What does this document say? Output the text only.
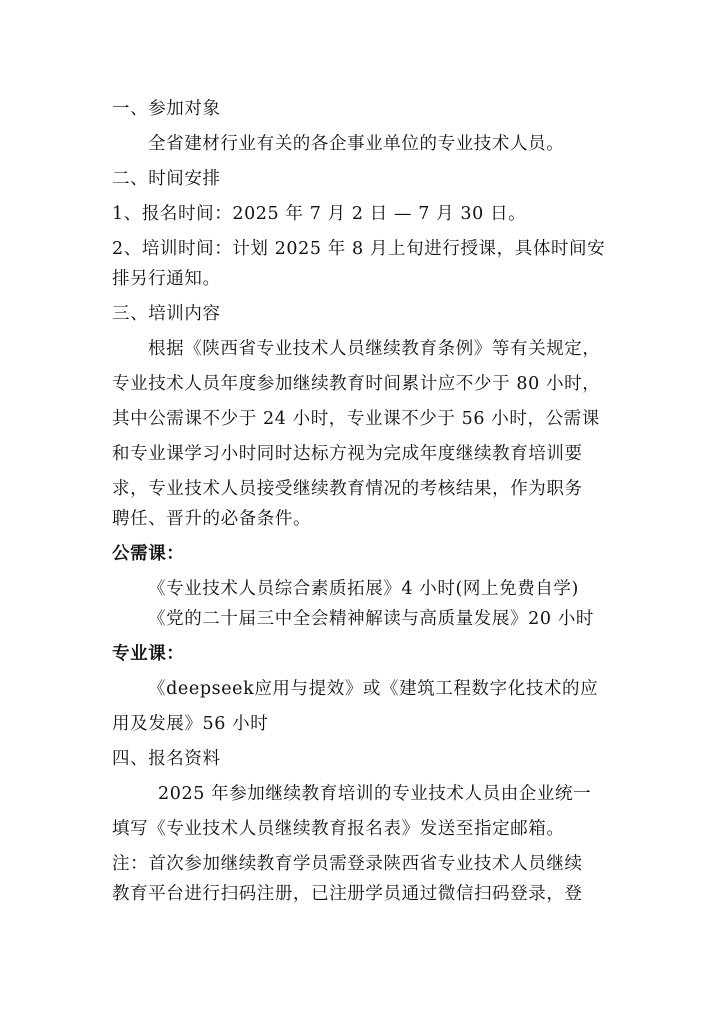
一、参加对象
全省建材行业有关的各企事业单位的专业技术人员。
二、时间安排
1、报名时间：2025 年 7 月 2 日 — 7 月 30 日。
2、培训时间：计划 2025 年 8 月上旬进行授课，具体时间安
排另行通知。
三、培训内容
根据《陕西省专业技术人员继续教育条例》等有关规定，
专业技术人员年度参加继续教育时间累计应不少于 80 小时，
其中公需课不少于 24 小时，专业课不少于 56 小时，公需课
和专业课学习小时同时达标方视为完成年度继续教育培训要
求，专业技术人员接受继续教育情况的考核结果，作为职务
聘任、晋升的必备条件。
公需课：
《专业技术人员综合素质拓展》4 小时(网上免费自学)
《党的二十届三中全会精神解读与高质量发展》20 小时
专业课：
《deepseek应用与提效》或《建筑工程数字化技术的应
用及发展》56 小时
四、报名资料
2025 年参加继续教育培训的专业技术人员由企业统一
填写《专业技术人员继续教育报名表》发送至指定邮箱。
注：首次参加继续教育学员需登录陕西省专业技术人员继续
教育平台进行扫码注册，已注册学员通过微信扫码登录，登
